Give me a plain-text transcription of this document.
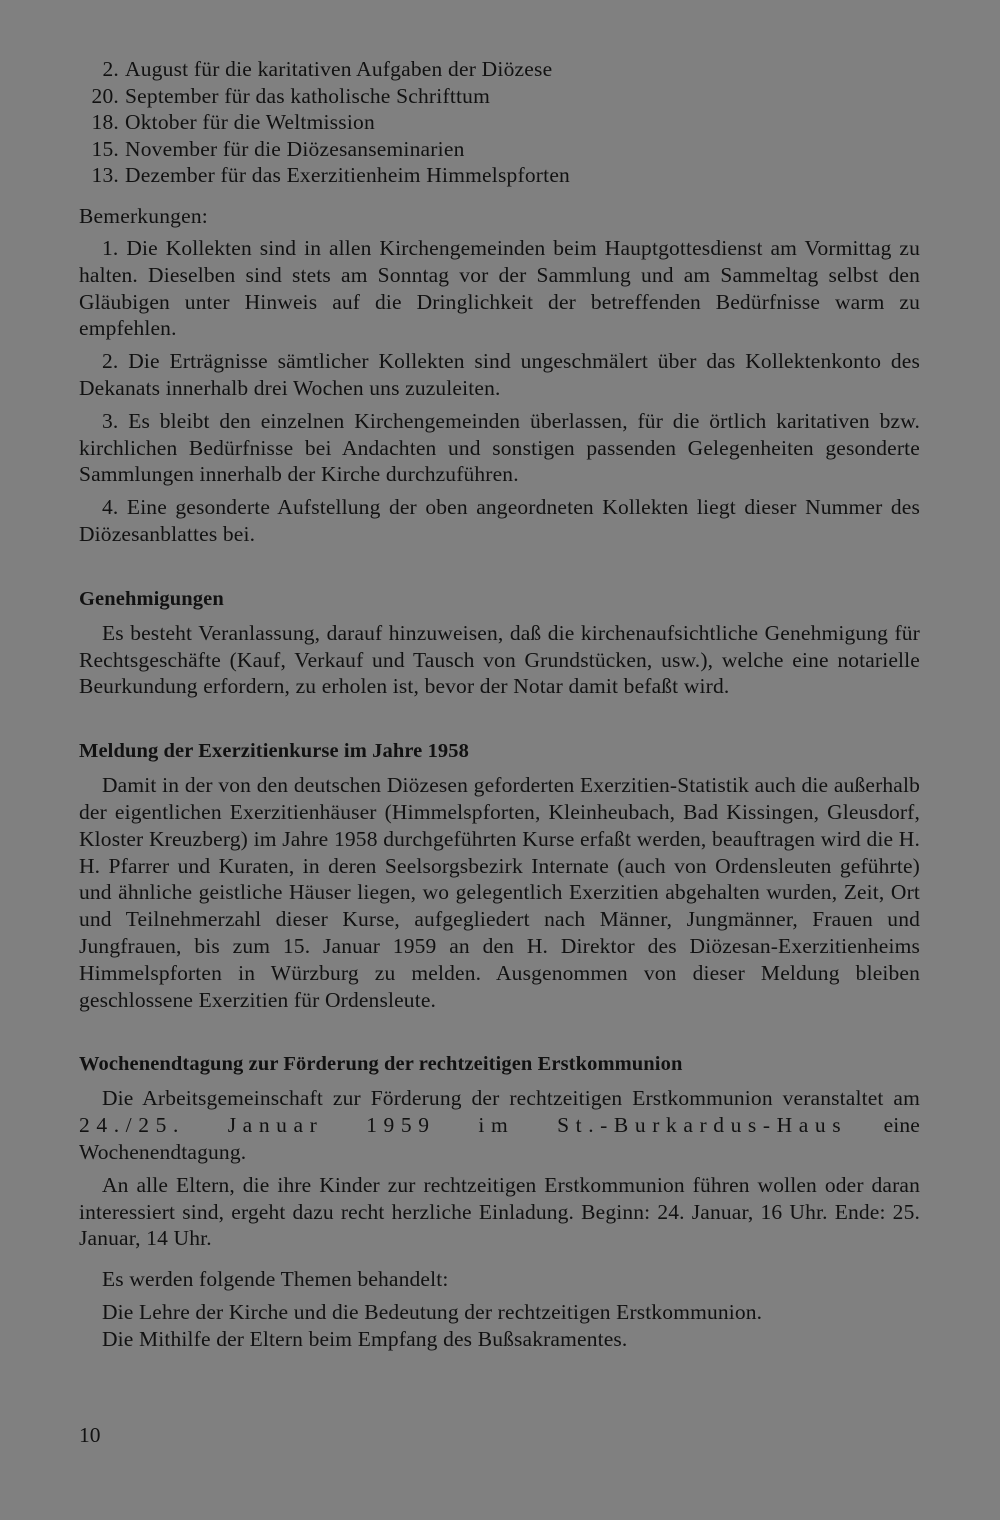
2. August für die karitativen Aufgaben der Diözese
20. September für das katholische Schrifttum
18. Oktober für die Weltmission
15. November für die Diözesanseminarien
13. Dezember für das Exerzitienheim Himmelspforten
Bemerkungen:

1. Die Kollekten sind in allen Kirchengemeinden beim Hauptgottesdienst am Vormittag zu halten. Dieselben sind stets am Sonntag vor der Sammlung und am Sammeltag selbst den Gläubigen unter Hinweis auf die Dringlichkeit der betreffenden Bedürfnisse warm zu empfehlen.

2. Die Erträgnisse sämtlicher Kollekten sind ungeschmälert über das Kollektenkonto des Dekanats innerhalb drei Wochen uns zuzuleiten.

3. Es bleibt den einzelnen Kirchengemeinden überlassen, für die örtlich karitativen bzw. kirchlichen Bedürfnisse bei Andachten und sonstigen passenden Gelegenheiten gesonderte Sammlungen innerhalb der Kirche durchzuführen.

4. Eine gesonderte Aufstellung der oben angeordneten Kollekten liegt dieser Nummer des Diözesanblattes bei.

Genehmigungen

Es besteht Veranlassung, darauf hinzuweisen, daß die kirchenaufsichtliche Genehmigung für Rechtsgeschäfte (Kauf, Verkauf und Tausch von Grundstücken, usw.), welche eine notarielle Beurkundung erfordern, zu erholen ist, bevor der Notar damit befaßt wird.

Meldung der Exerzitienkurse im Jahre 1958

Damit in der von den deutschen Diözesen geforderten Exerzitien-Statistik auch die außerhalb der eigentlichen Exerzitienhäuser (Himmelspforten, Kleinheubach, Bad Kissingen, Gleusdorf, Kloster Kreuzberg) im Jahre 1958 durchgeführten Kurse erfaßt werden, beauftragen wird die H. H. Pfarrer und Kuraten, in deren Seelsorgsbezirk Internate (auch von Ordensleuten geführte) und ähnliche geistliche Häuser liegen, wo gelegentlich Exerzitien abgehalten wurden, Zeit, Ort und Teilnehmerzahl dieser Kurse, aufgegliedert nach Männer, Jungmänner, Frauen und Jungfrauen, bis zum 15. Januar 1959 an den H. Direktor des Diözesan-Exerzitienheims Himmelspforten in Würzburg zu melden. Ausgenommen von dieser Meldung bleiben geschlossene Exerzitien für Ordensleute.

Wochenendtagung zur Förderung der rechtzeitigen Erstkommunion

Die Arbeitsgemeinschaft zur Förderung der rechtzeitigen Erstkommunion veranstaltet am 24./25. Januar 1959 im St.-Burkardus-Haus eine Wochenendtagung.

An alle Eltern, die ihre Kinder zur rechtzeitigen Erstkommunion führen wollen oder daran interessiert sind, ergeht dazu recht herzliche Einladung. Beginn: 24. Januar, 16 Uhr. Ende: 25. Januar, 14 Uhr.

Es werden folgende Themen behandelt:

Die Lehre der Kirche und die Bedeutung der rechtzeitigen Erstkommunion.

Die Mithilfe der Eltern beim Empfang des Bußsakramentes.

10
